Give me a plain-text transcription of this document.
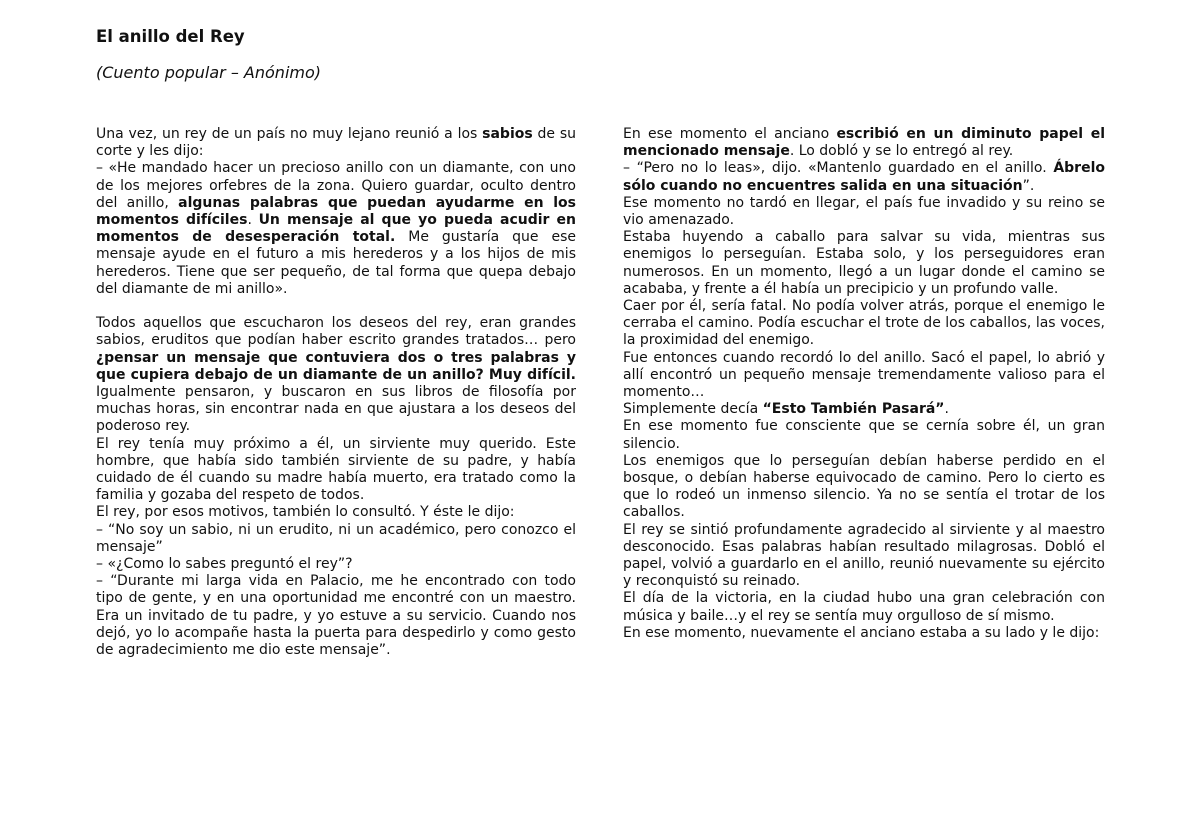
El anillo del Rey

(Cuento popular – Anónimo)

Una vez, un rey de un país no muy lejano reunió a los sabios de su corte y les dijo:

– «He mandado hacer un precioso anillo con un diamante, con uno de los mejores orfebres de la zona. Quiero guardar, oculto dentro del anillo, algunas palabras que puedan ayudarme en los momentos difíciles. Un mensaje al que yo pueda acudir en momentos de desesperación total. Me gustaría que ese mensaje ayude en el futuro a mis herederos y a los hijos de mis herederos. Tiene que ser pequeño, de tal forma que quepa debajo del diamante de mi anillo».

Todos aquellos que escucharon los deseos del rey, eran grandes sabios, eruditos que podían haber escrito grandes tratados… pero ¿pensar un mensaje que contuviera dos o tres palabras y que cupiera debajo de un diamante de un anillo? Muy difícil. Igualmente pensaron, y buscaron en sus libros de filosofía por muchas horas, sin encontrar nada en que ajustara a los deseos del poderoso rey.

El rey tenía muy próximo a él, un sirviente muy querido. Este hombre, que había sido también sirviente de su padre, y había cuidado de él cuando su madre había muerto, era tratado como la familia y gozaba del respeto de todos.

El rey, por esos motivos, también lo consultó. Y éste le dijo:

– “No soy un sabio, ni un erudito, ni un académico, pero conozco el mensaje”

– «¿Como lo sabes preguntó el rey”?

– “Durante mi larga vida en Palacio, me he encontrado con todo tipo de gente, y en una oportunidad me encontré con un maestro. Era un invitado de tu padre, y yo estuve a su servicio. Cuando nos dejó, yo lo acompañe hasta la puerta para despedirlo y como gesto de agradecimiento me dio este mensaje”.

En ese momento el anciano escribió en un diminuto papel el mencionado mensaje. Lo dobló y se lo entregó al rey.

– “Pero no lo leas», dijo. «Mantenlo guardado en el anillo. Ábrelo sólo cuando no encuentres salida en una situación”.

Ese momento no tardó en llegar, el país fue invadido y su reino se vio amenazado.

Estaba huyendo a caballo para salvar su vida, mientras sus enemigos lo perseguían. Estaba solo, y los perseguidores eran numerosos. En un momento, llegó a un lugar donde el camino se acababa, y frente a él había un precipicio y un profundo valle.

Caer por él, sería fatal. No podía volver atrás, porque el enemigo le cerraba el camino. Podía escuchar el trote de los caballos, las voces, la proximidad del enemigo.

Fue entonces cuando recordó lo del anillo. Sacó el papel, lo abrió y allí encontró un pequeño mensaje tremendamente valioso para el momento…

Simplemente decía “Esto También Pasará”.

En ese momento fue consciente que se cernía sobre él, un gran silencio.

Los enemigos que lo perseguían debían haberse perdido en el bosque, o debían haberse equivocado de camino. Pero lo cierto es que lo rodeó un inmenso silencio. Ya no se sentía el trotar de los caballos.

El rey se sintió profundamente agradecido al sirviente y al maestro desconocido. Esas palabras habían resultado milagrosas. Dobló el papel, volvió a guardarlo en el anillo, reunió nuevamente su ejército y reconquistó su reinado.

El día de la victoria, en la ciudad hubo una gran celebración con música y baile…y el rey se sentía muy orgulloso de sí mismo.

En ese momento, nuevamente el anciano estaba a su lado y le dijo:
